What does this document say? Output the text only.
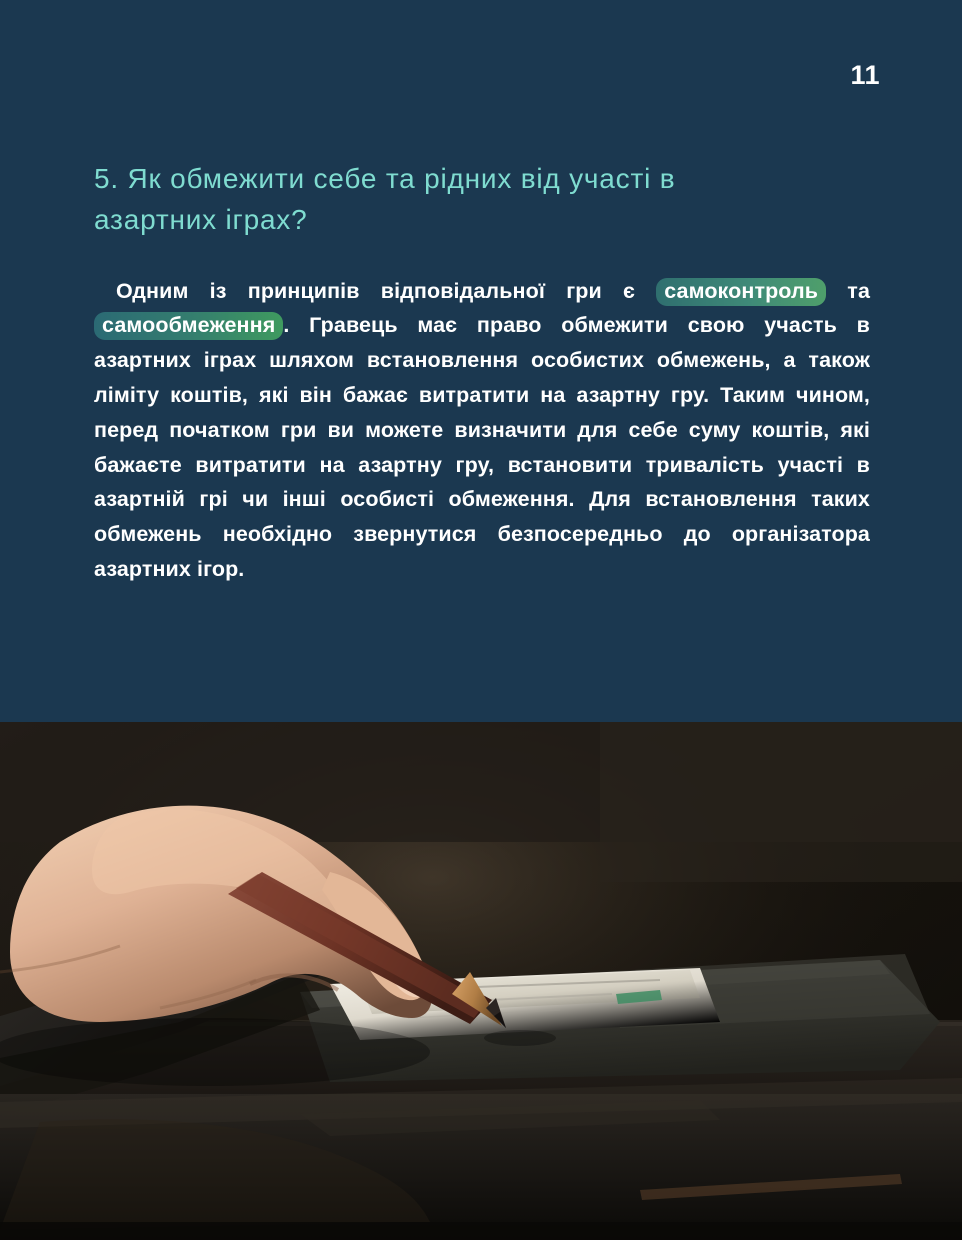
11
5. Як обмежити себе та рідних від участі в азартних іграх?

Одним із принципів відповідальної гри є самоконтроль та самообмеження . Гравець має право обмежити свою участь в азартних іграх шляхом встановлення особистих обмежень, а також ліміту коштів, які він бажає витратити на азартну гру. Таким чином, перед початком гри ви можете визначити для себе суму коштів, які бажаєте витратити на азартну гру, встановити тривалість участі в азартній грі чи інші особисті обмеження. Для встановлення таких обмежень необхідно звернутися безпосередньо до організатора азартних ігор.
